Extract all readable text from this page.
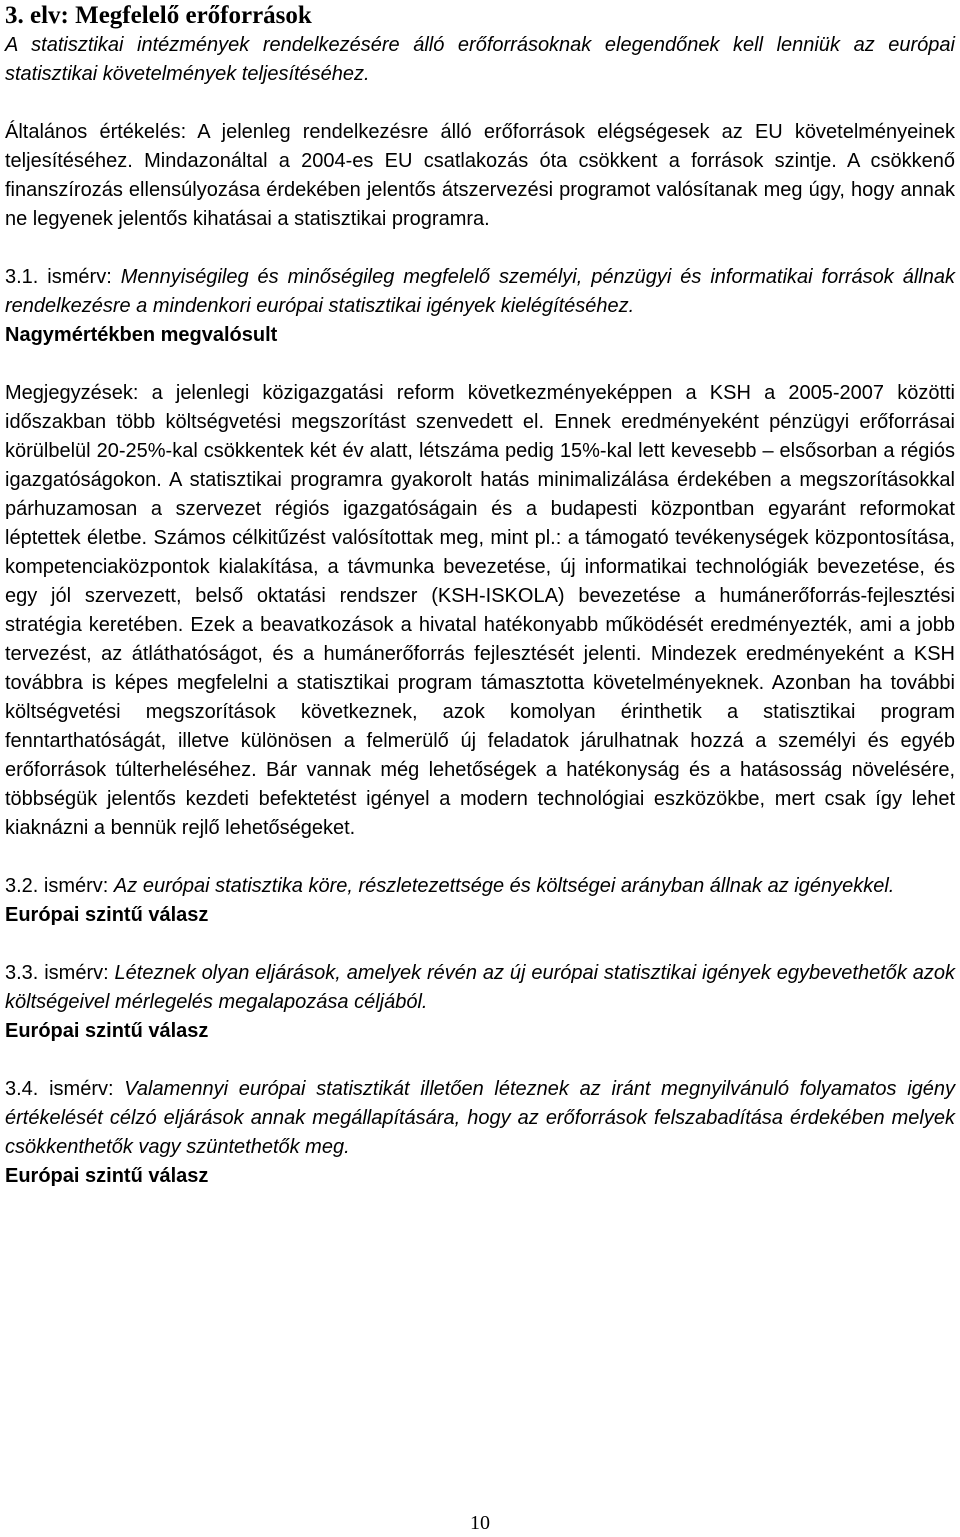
3. elv: Megfelelő erőforrások

A statisztikai intézmények rendelkezésére álló erőforrásoknak elegendőnek kell lenniük az európai statisztikai követelmények teljesítéséhez.

Általános értékelés: A jelenleg rendelkezésre álló erőforrások elégségesek az EU követelményeinek teljesítéséhez. Mindazonáltal a 2004-es EU csatlakozás óta csökkent a források szintje. A csökkenő finanszírozás ellensúlyozása érdekében jelentős átszervezési programot valósítanak meg úgy, hogy annak ne legyenek jelentős kihatásai a statisztikai programra.

3.1. ismérv: Mennyiségileg és minőségileg megfelelő személyi, pénzügyi és informatikai források állnak rendelkezésre a mindenkori európai statisztikai igények kielégítéséhez.

Nagymértékben megvalósult

Megjegyzések: a jelenlegi közigazgatási reform következményeképpen a KSH a 2005-2007 közötti időszakban több költségvetési megszorítást szenvedett el. Ennek eredményeként pénzügyi erőforrásai körülbelül 20-25%-kal csökkentek két év alatt, létszáma pedig 15%-kal lett kevesebb – elsősorban a régiós igazgatóságokon. A statisztikai programra gyakorolt hatás minimalizálása érdekében a megszorításokkal párhuzamosan a szervezet régiós igazgatóságain és a budapesti központban egyaránt reformokat léptettek életbe. Számos célkitűzést valósítottak meg, mint pl.: a támogató tevékenységek központosítása, kompetenciaközpontok kialakítása, a távmunka bevezetése, új informatikai technológiák bevezetése, és egy jól szervezett, belső oktatási rendszer (KSH-ISKOLA) bevezetése a humánerőforrás-fejlesztési stratégia keretében. Ezek a beavatkozások a hivatal hatékonyabb működését eredményezték, ami a jobb tervezést, az átláthatóságot, és a humánerőforrás fejlesztését jelenti. Mindezek eredményeként a KSH továbbra is képes megfelelni a statisztikai program támasztotta követelményeknek. Azonban ha további költségvetési megszorítások következnek, azok komolyan érinthetik a statisztikai program fenntarthatóságát, illetve különösen a felmerülő új feladatok járulhatnak hozzá a személyi és egyéb erőforrások túlterheléséhez. Bár vannak még lehetőségek a hatékonyság és a hatásosság növelésére, többségük jelentős kezdeti befektetést igényel a modern technológiai eszközökbe, mert csak így lehet kiaknázni a bennük rejlő lehetőségeket.

3.2. ismérv: Az európai statisztika köre, részletezettsége és költségei arányban állnak az igényekkel.

Európai szintű válasz

3.3. ismérv: Léteznek olyan eljárások, amelyek révén az új európai statisztikai igények egybevethetők azok költségeivel mérlegelés megalapozása céljából.

Európai szintű válasz

3.4. ismérv: Valamennyi európai statisztikát illetően léteznek az iránt megnyilvánuló folyamatos igény értékelését célzó eljárások annak megállapítására, hogy az erőforrások felszabadítása érdekében melyek csökkenthetők vagy szüntethetők meg.

Európai szintű válasz

10
